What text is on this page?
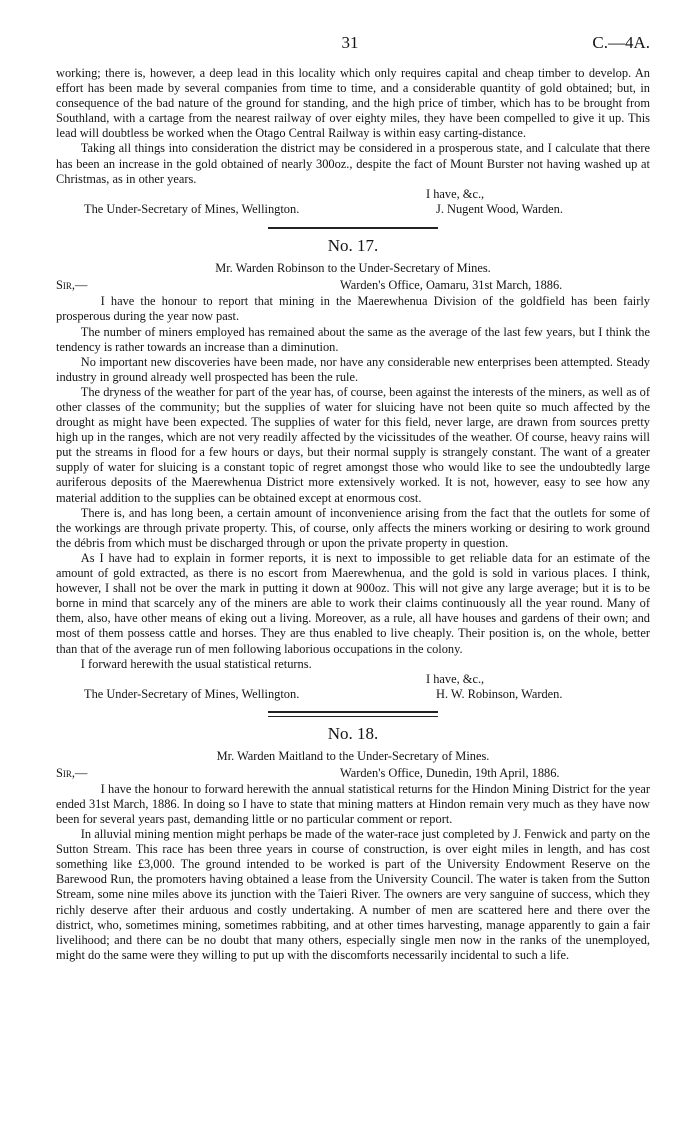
31	C.—4A.

working; there is, however, a deep lead in this locality which only requires capital and cheap timber to develop. An effort has been made by several companies from time to time, and a considerable quantity of gold obtained; but, in consequence of the bad nature of the ground for standing, and the high price of timber, which has to be brought from Southland, with a cartage from the nearest railway of over eighty miles, they have been compelled to give it up. This lead will doubtless be worked when the Otago Central Railway is within easy carting-distance.

Taking all things into consideration the district may be considered in a prosperous state, and I calculate that there has been an increase in the gold obtained of nearly 300oz., despite the fact of Mount Burster not having washed up at Christmas, as in other years.

I have, &c.,
The Under-Secretary of Mines, Wellington.	J. Nugent Wood, Warden.
No. 17.
Mr. Warden Robinson to the Under-Secretary of Mines.
Sir,—	Warden's Office, Oamaru, 31st March, 1886.

I have the honour to report that mining in the Maerewhenua Division of the goldfield has been fairly prosperous during the year now past.

The number of miners employed has remained about the same as the average of the last few years, but I think the tendency is rather towards an increase than a diminution.

No important new discoveries have been made, nor have any considerable new enterprises been attempted. Steady industry in ground already well prospected has been the rule.

The dryness of the weather for part of the year has, of course, been against the interests of the miners, as well as of other classes of the community; but the supplies of water for sluicing have not been quite so much affected by the drought as might have been expected. The supplies of water for this field, never large, are drawn from sources pretty high up in the ranges, which are not very readily affected by the vicissitudes of the weather. Of course, heavy rains will put the streams in flood for a few hours or days, but their normal supply is strangely constant. The want of a greater supply of water for sluicing is a constant topic of regret amongst those who would like to see the undoubtedly large auriferous deposits of the Maerewhenua District more extensively worked. It is not, however, easy to see how any material addition to the supplies can be obtained except at enormous cost.

There is, and has long been, a certain amount of inconvenience arising from the fact that the outlets for some of the workings are through private property. This, of course, only affects the miners working or desiring to work ground the débris from which must be discharged through or upon the private property in question.

As I have had to explain in former reports, it is next to impossible to get reliable data for an estimate of the amount of gold extracted, as there is no escort from Maerewhenua, and the gold is sold in various places. I think, however, I shall not be over the mark in putting it down at 900oz. This will not give any large average; but it is to be borne in mind that scarcely any of the miners are able to work their claims continuously all the year round. Many of them, also, have other means of eking out a living. Moreover, as a rule, all have houses and gardens of their own; and most of them possess cattle and horses. They are thus enabled to live cheaply. Their position is, on the whole, better than that of the average run of men following laborious occupations in the colony.

I forward herewith the usual statistical returns.

I have, &c.,
The Under-Secretary of Mines, Wellington.	H. W. Robinson, Warden.
No. 18.
Mr. Warden Maitland to the Under-Secretary of Mines.
Sir,—	Warden's Office, Dunedin, 19th April, 1886.

I have the honour to forward herewith the annual statistical returns for the Hindon Mining District for the year ended 31st March, 1886. In doing so I have to state that mining matters at Hindon remain very much as they have now been for several years past, demanding little or no particular comment or report.

In alluvial mining mention might perhaps be made of the water-race just completed by J. Fenwick and party on the Sutton Stream. This race has been three years in course of construction, is over eight miles in length, and has cost something like £3,000. The ground intended to be worked is part of the University Endowment Reserve on the Barewood Run, the promoters having obtained a lease from the University Council. The water is taken from the Sutton Stream, some nine miles above its junction with the Taieri River. The owners are very sanguine of success, which they richly deserve after their arduous and costly undertaking. A number of men are scattered here and there over the district, who, sometimes mining, sometimes rabbiting, and at other times harvesting, manage apparently to gain a fair livelihood; and there can be no doubt that many others, especially single men now in the ranks of the unemployed, might do the same were they willing to put up with the discomforts necessarily incidental to such a life.
